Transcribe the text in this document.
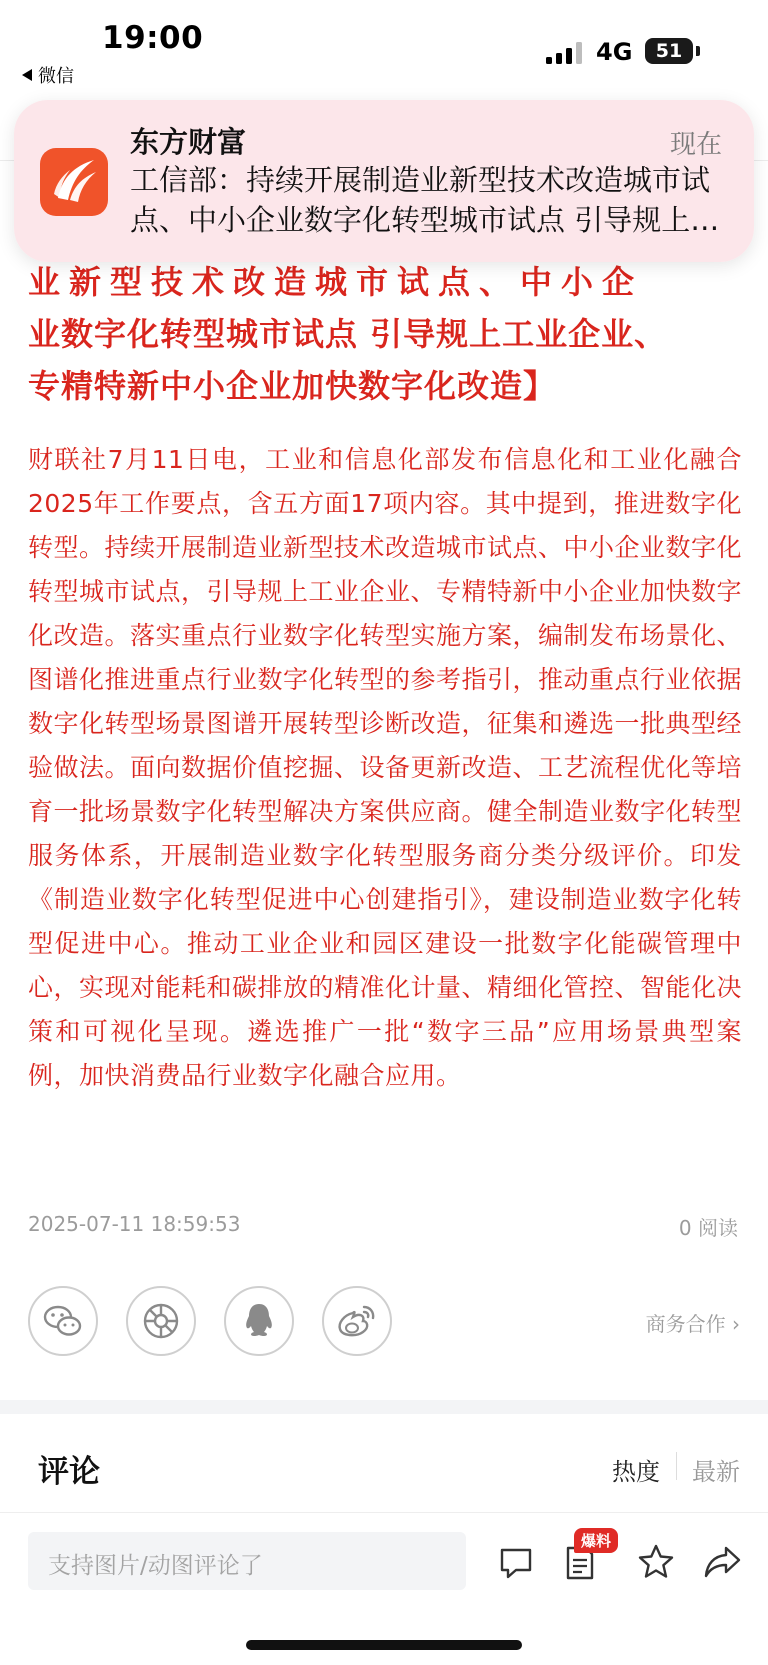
19:00
微信
4G	51
业新型技术改造城市试点、中小企
业数字化转型城市试点 引导规上工业企业、
专精特新中小企业加快数字化改造】
财联社7月11日电，工业和信息化部发布信息化和工业化融合2025年工作要点，含五方面17项内容。其中提到，推进数字化转型。持续开展制造业新型技术改造城市试点、中小企业数字化转型城市试点，引导规上工业企业、专精特新中小企业加快数字化改造。落实重点行业数字化转型实施方案，编制发布场景化、图谱化推进重点行业数字化转型的参考指引，推动重点行业依据数字化转型场景图谱开展转型诊断改造，征集和遴选一批典型经验做法。面向数据价值挖掘、设备更新改造、工艺流程优化等培育一批场景数字化转型解决方案供应商。健全制造业数字化转型服务体系，开展制造业数字化转型服务商分类分级评价。印发《制造业数字化转型促进中心创建指引》，建设制造业数字化转型促进中心。推动工业企业和园区建设一批数字化能碳管理中心，实现对能耗和碳排放的精准化计量、精细化管控、智能化决策和可视化呈现。遴选推广一批“数字三品”应用场景典型案例，加快消费品行业数字化融合应用。
2025-07-11 18:59:53	0 阅读
商务合作 ›
评论	热度 最新
支持图片/动图评论了
爆料
东方财富	现在
工信部：持续开展制造业新型技术改造城市试点、中小企业数字化转型城市试点 引导规上工
